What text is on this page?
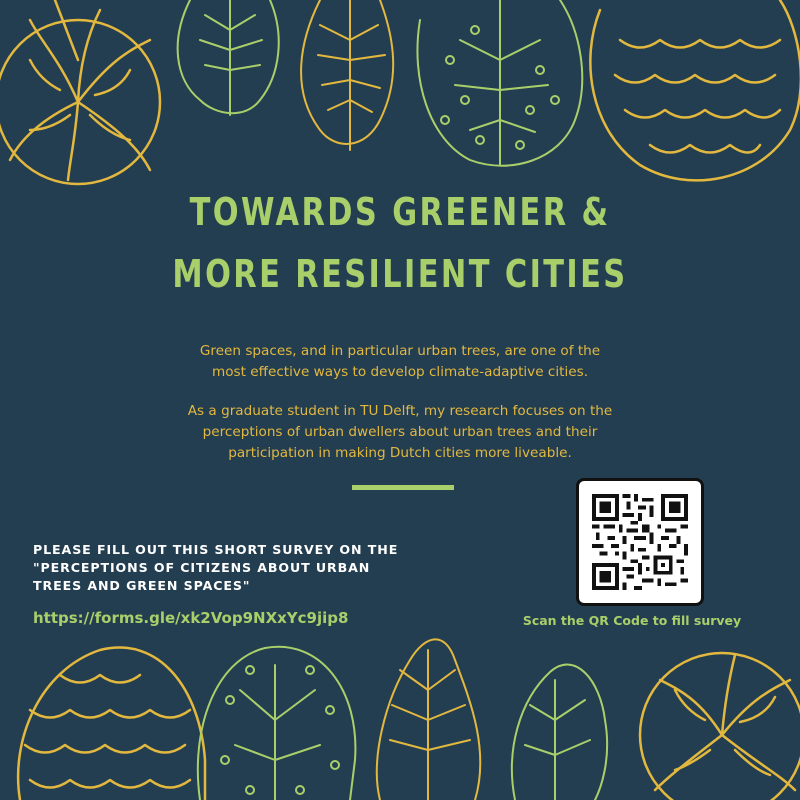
TOWARDS GREENER &
MORE RESILIENT CITIES

Green spaces, and in particular urban trees, are one of the
most effective ways to develop climate-adaptive cities.

As a graduate student in TU Delft, my research focuses on the
perceptions of urban dwellers about urban trees and their
participation in making Dutch cities more liveable.

PLEASE FILL OUT THIS SHORT SURVEY ON THE
"PERCEPTIONS OF CITIZENS ABOUT URBAN
TREES AND GREEN SPACES"

https://forms.gle/xk2Vop9NXxYc9jip8	Scan the QR Code to fill survey
